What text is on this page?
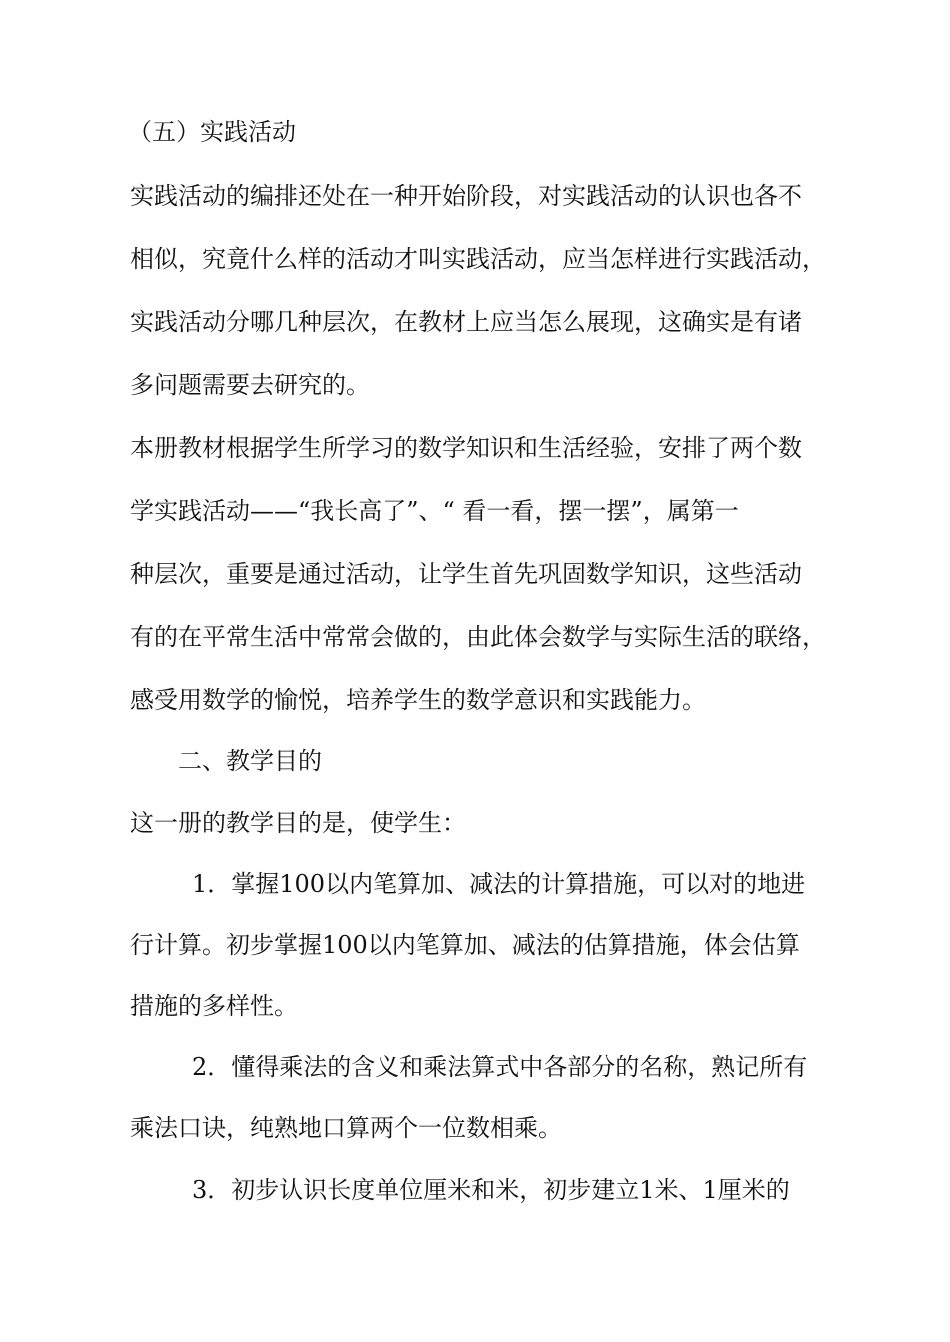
（五）实践活动
实践活动的编排还处在一种开始阶段，对实践活动的认识也各不
相似，究竟什么样的活动才叫实践活动，应当怎样进行实践活动，
实践活动分哪几种层次，在教材上应当怎么展现，这确实是有诸
多问题需要去研究的。
本册教材根据学生所学习的数学知识和生活经验，安排了两个数
学实践活动——“我长高了”、“ 看一看，摆一摆”，属第一
种层次，重要是通过活动，让学生首先巩固数学知识，这些活动
有的在平常生活中常常会做的，由此体会数学与实际生活的联络，
感受用数学的愉悦，培养学生的数学意识和实践能力。
二、教学目的
这一册的教学目的是，使学生：
1．掌握100以内笔算加、减法的计算措施，可以对的地进
行计算。初步掌握100以内笔算加、减法的估算措施，体会估算
措施的多样性。
2．懂得乘法的含义和乘法算式中各部分的名称，熟记所有
乘法口诀，纯熟地口算两个一位数相乘。
3．初步认识长度单位厘米和米，初步建立1米、1厘米的
